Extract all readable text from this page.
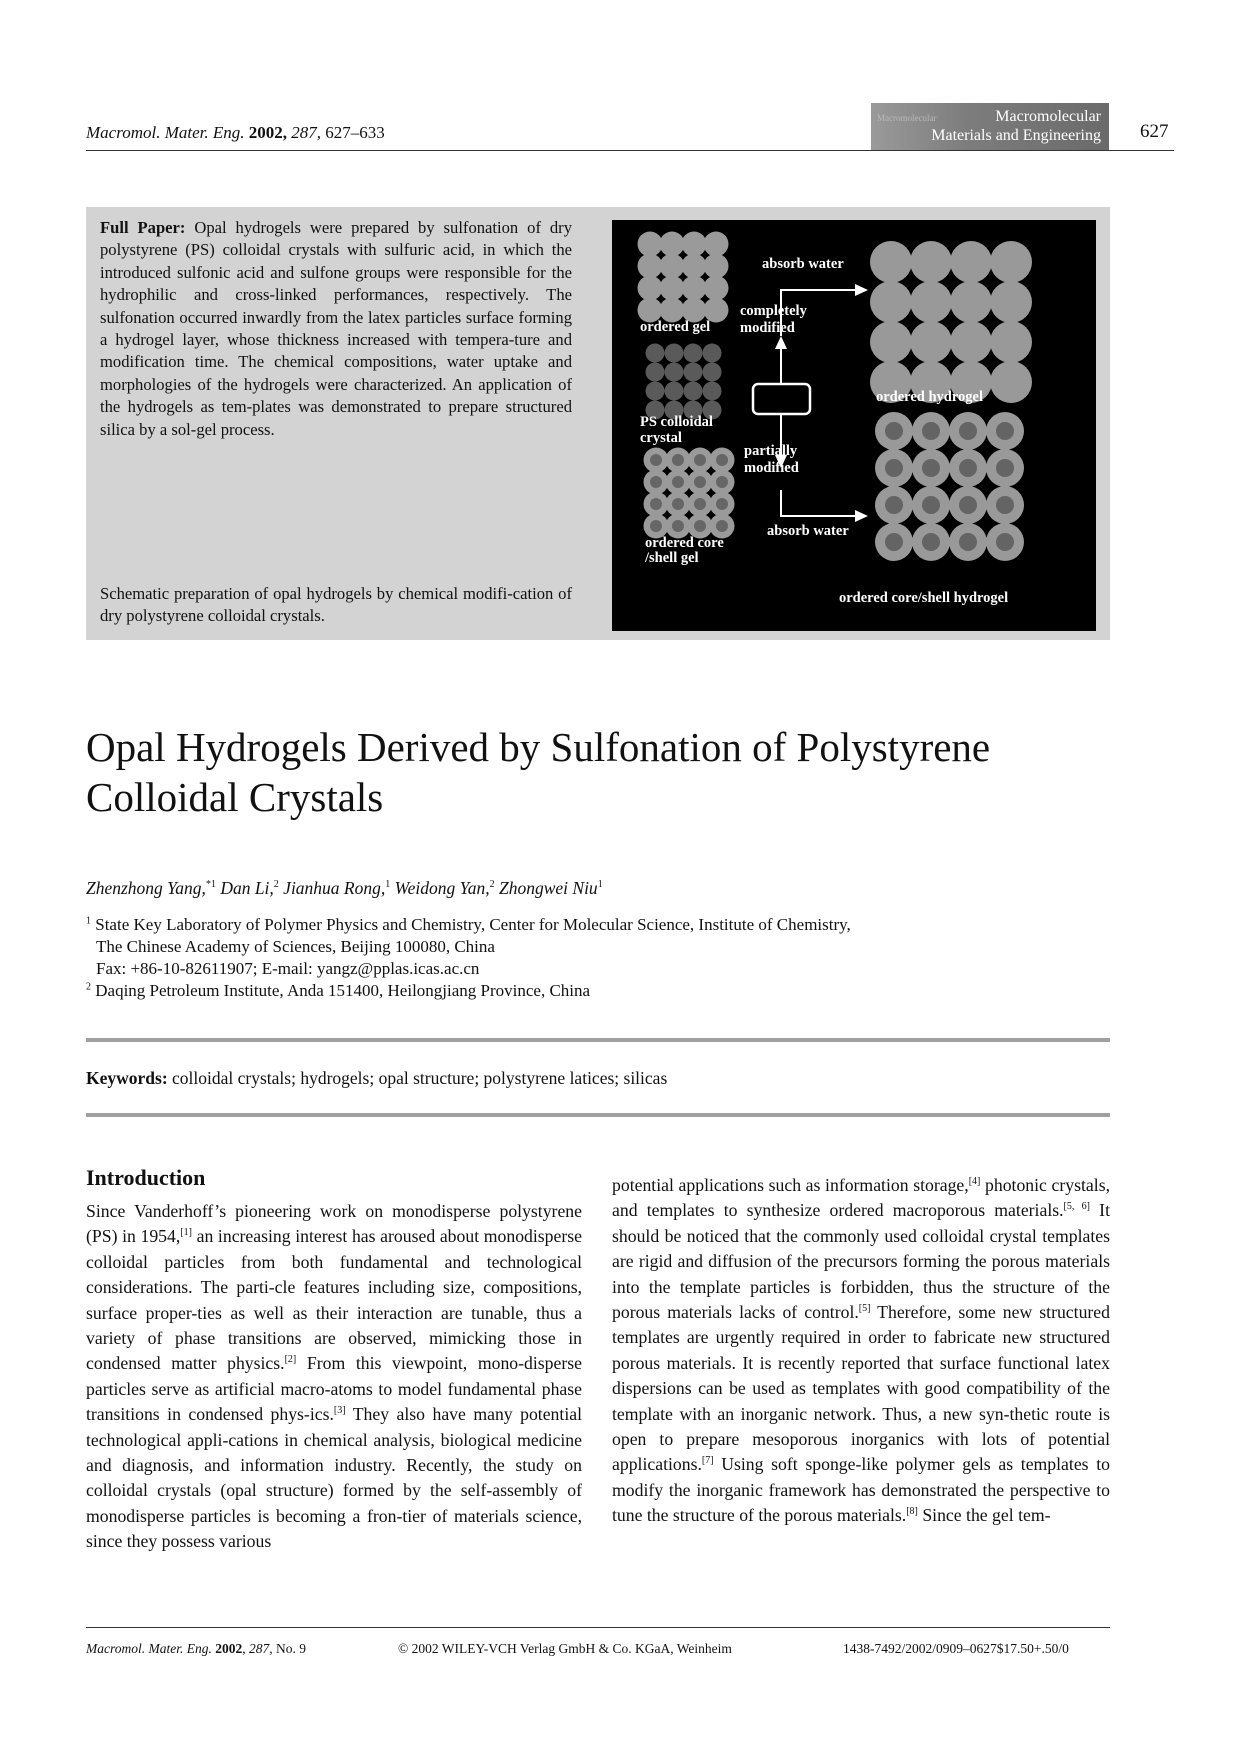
Macromol. Mater. Eng. 2002, 287, 627–633
Macromolecular	Macromolecular
Materials and Engineering 627
Full Paper: Opal hydrogels were prepared by sulfonation of dry polystyrene (PS) colloidal crystals with sulfuric acid, in which the introduced sulfonic acid and sulfone groups were responsible for the hydrophilic and cross-linked performances, respectively. The sulfonation occurred inwardly from the latex particles surface forming a hydrogel layer, whose thickness increased with tempera-ture and modification time. The chemical compositions, water uptake and morphologies of the hydrogels were characterized. An application of the hydrogels as tem-plates was demonstrated to prepare structured silica by a sol-gel process.
Schematic preparation of opal hydrogels by chemical modifi-cation of dry polystyrene colloidal crystals.
ordered gel
PS colloidal
crystal
ordered core
/shell gel
absorb water
completely
modified
partially
modified
absorb water
ordered hydrogel
ordered core/shell hydrogel
Opal Hydrogels Derived by Sulfonation of Polystyrene
Colloidal Crystals
Zhenzhong Yang,$^{*1}$ Dan Li,$^2$ Jianhua Rong,$^1$ Weidong Yan,$^2$ Zhongwei Niu$^1$
$^1$ State Key Laboratory of Polymer Physics and Chemistry, Center for Molecular Science, Institute of Chemistry,
The Chinese Academy of Sciences, Beijing 100080, China
Fax: +86-10-82611907; E-mail: yangz@pplas.icas.ac.cn
$^2$ Daqing Petroleum Institute, Anda 151400, Heilongjiang Province, China
Keywords: colloidal crystals; hydrogels; opal structure; polystyrene latices; silicas
Introduction
Since Vanderhoff’s pioneering work on monodisperse polystyrene (PS) in 1954,[1] an increasing interest has aroused about monodisperse colloidal particles from both fundamental and technological considerations. The parti-cle features including size, compositions, surface proper-ties as well as their interaction are tunable, thus a variety of phase transitions are observed, mimicking those in condensed matter physics.[2] From this viewpoint, mono-disperse particles serve as artificial macro-atoms to model fundamental phase transitions in condensed phys-ics.[3] They also have many potential technological appli-cations in chemical analysis, biological medicine and diagnosis, and information industry. Recently, the study on colloidal crystals (opal structure) formed by the self-assembly of monodisperse particles is becoming a fron-tier of materials science, since they possess various
potential applications such as information storage,[4] photonic crystals, and templates to synthesize ordered macroporous materials.[5, 6] It should be noticed that the commonly used colloidal crystal templates are rigid and diffusion of the precursors forming the porous materials into the template particles is forbidden, thus the structure of the porous materials lacks of control.[5] Therefore, some new structured templates are urgently required in order to fabricate new structured porous materials. It is recently reported that surface functional latex dispersions can be used as templates with good compatibility of the template with an inorganic network. Thus, a new syn-thetic route is open to prepare mesoporous inorganics with lots of potential applications.[7] Using soft sponge-like polymer gels as templates to modify the inorganic framework has demonstrated the perspective to tune the structure of the porous materials.[8] Since the gel tem-
Macromol. Mater. Eng. 2002, 287, No. 9	© 2002 WILEY-VCH Verlag GmbH & Co. KGaA, Weinheim	1438-7492/2002/0909–0627$17.50+.50/0
